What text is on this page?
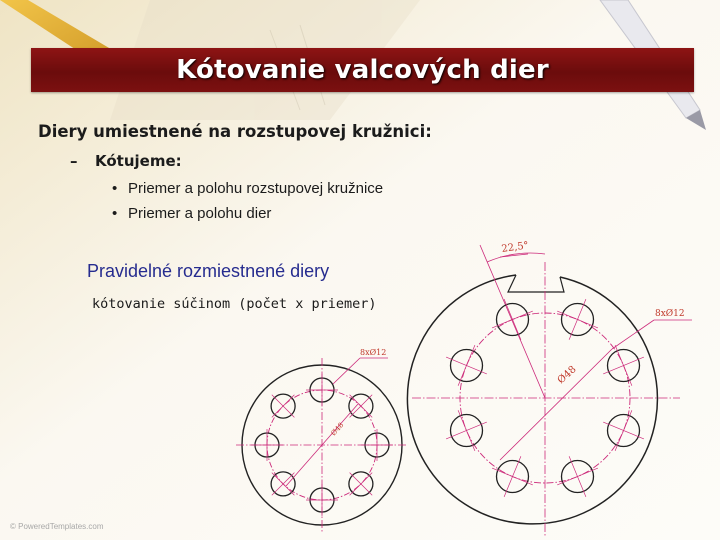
Kótovanie valcových dier
Diery umiestnené na rozstupovej kružnici:
– Kótujeme:
• Priemer a polohu rozstupovej kružnice
• Priemer a polohu dier
Pravidelné rozmiestnené diery
kótovanie súčinom (počet x priemer)
8xØ12
Ø48
22,5°
8xØ12
Ø48
© PoweredTemplates.com
